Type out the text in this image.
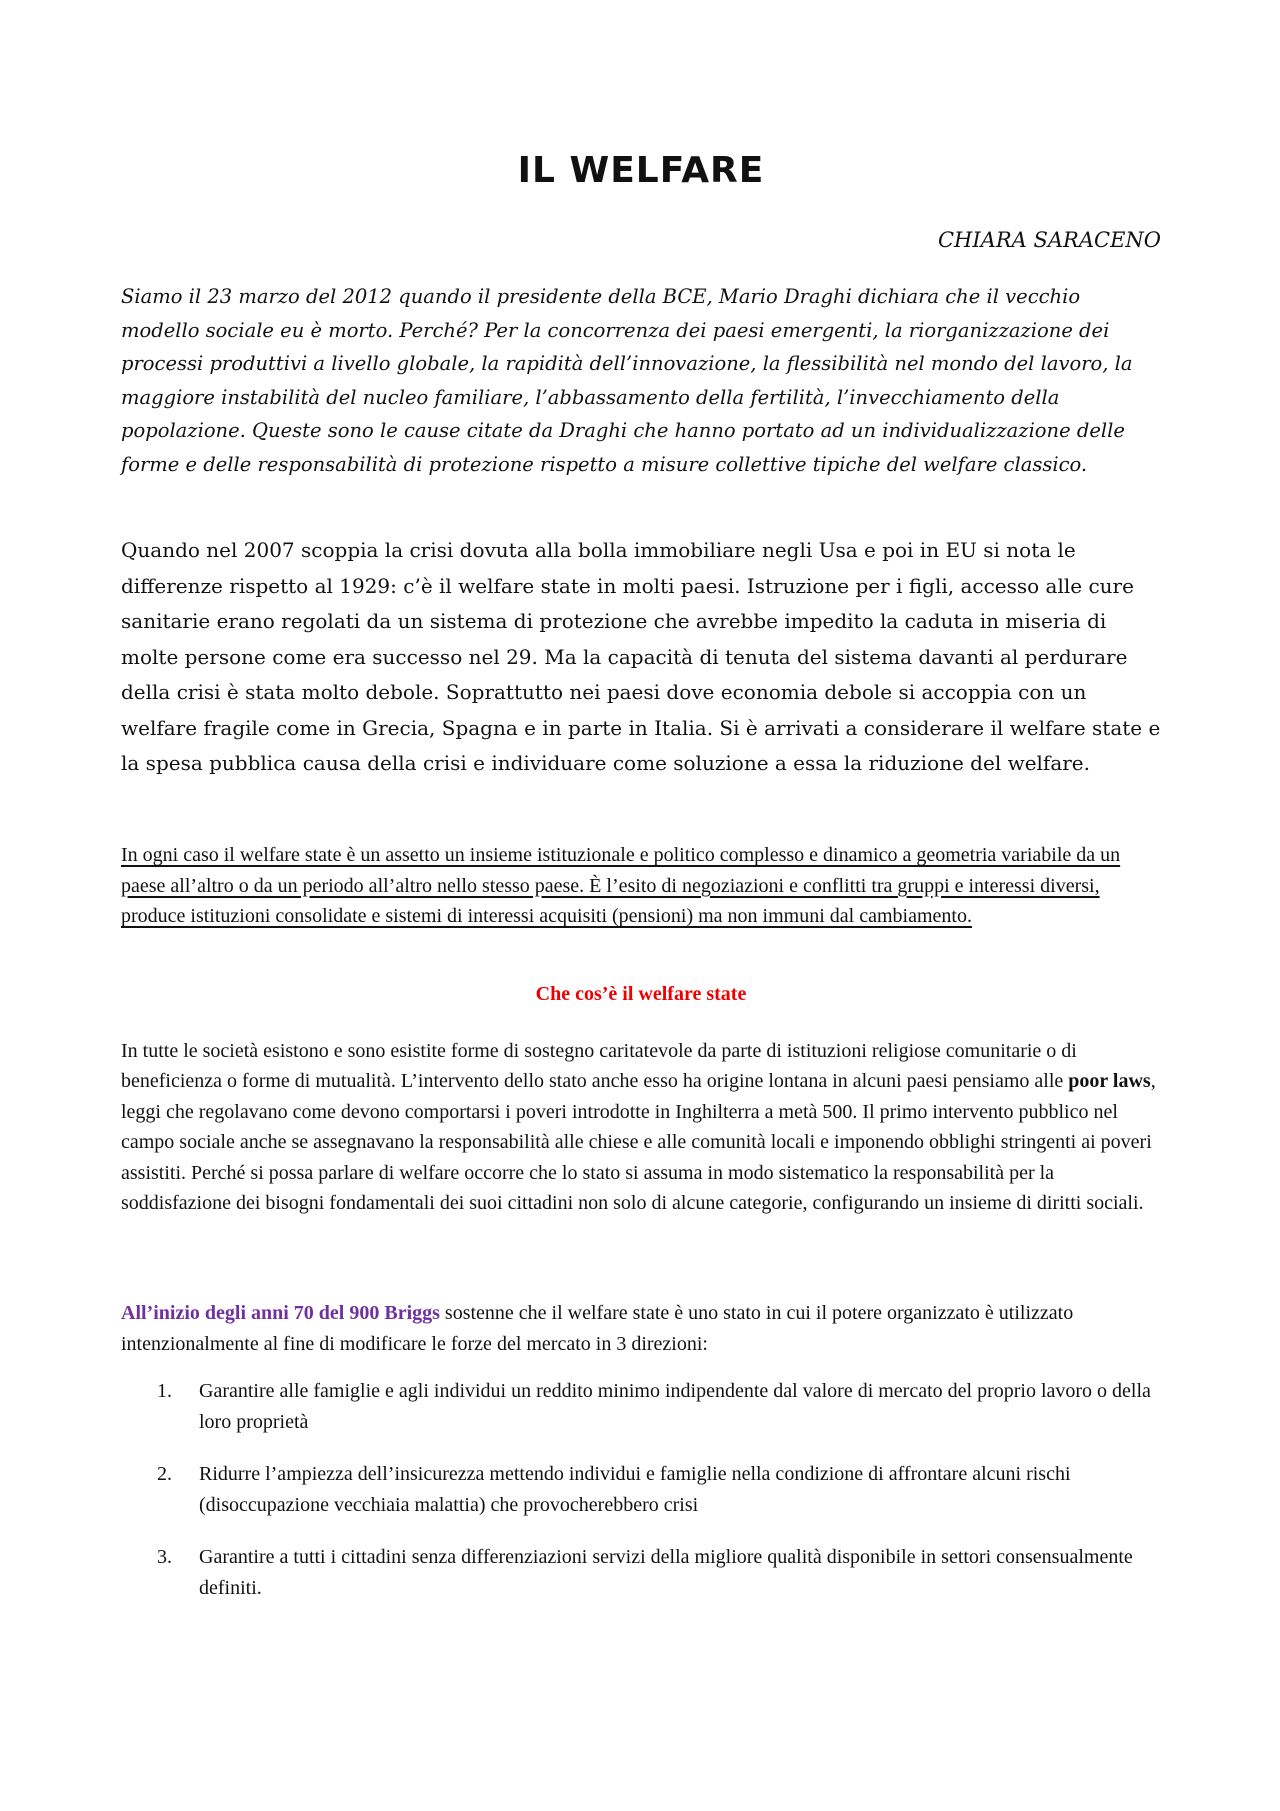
IL WELFARE

CHIARA SARACENO

Siamo il 23 marzo del 2012 quando il presidente della BCE, Mario Draghi dichiara che il vecchio modello sociale eu è morto. Perché? Per la concorrenza dei paesi emergenti, la riorganizzazione dei processi produttivi a livello globale, la rapidità dell’innovazione, la flessibilità nel mondo del lavoro, la maggiore instabilità del nucleo familiare, l’abbassamento della fertilità, l’invecchiamento della popolazione. Queste sono le cause citate da Draghi che hanno portato ad un individualizzazione delle forme e delle responsabilità di protezione rispetto a misure collettive tipiche del welfare classico.

Quando nel 2007 scoppia la crisi dovuta alla bolla immobiliare negli Usa e poi in EU si nota le differenze rispetto al 1929: c’è il welfare state in molti paesi. Istruzione per i figli, accesso alle cure sanitarie erano regolati da un sistema di protezione che avrebbe impedito la caduta in miseria di molte persone come era successo nel 29. Ma la capacità di tenuta del sistema davanti al perdurare della crisi è stata molto debole. Soprattutto nei paesi dove economia debole si accoppia con un welfare fragile come in Grecia, Spagna e in parte in Italia. Si è arrivati a considerare il welfare state e la spesa pubblica causa della crisi e individuare come soluzione a essa la riduzione del welfare.

In ogni caso il welfare state è un assetto un insieme istituzionale e politico complesso e dinamico a geometria variabile da un paese all’altro o da un periodo all’altro nello stesso paese. È l’esito di negoziazioni e conflitti tra gruppi e interessi diversi, produce istituzioni consolidate e sistemi di interessi acquisiti (pensioni) ma non immuni dal cambiamento.

Che cos’è il welfare state

In tutte le società esistono e sono esistite forme di sostegno caritatevole da parte di istituzioni religiose comunitarie o di beneficienza o forme di mutualità. L’intervento dello stato anche esso ha origine lontana in alcuni paesi pensiamo alle poor laws, leggi che regolavano come devono comportarsi i poveri introdotte in Inghilterra a metà 500. Il primo intervento pubblico nel campo sociale anche se assegnavano la responsabilità alle chiese e alle comunità locali e imponendo obblighi stringenti ai poveri assistiti. Perché si possa parlare di welfare occorre che lo stato si assuma in modo sistematico la responsabilità per la soddisfazione dei bisogni fondamentali dei suoi cittadini non solo di alcune categorie, configurando un insieme di diritti sociali.

All’inizio degli anni 70 del 900 Briggs sostenne che il welfare state è uno stato in cui il potere organizzato è utilizzato intenzionalmente al fine di modificare le forze del mercato in 3 direzioni:

1.	Garantire alle famiglie e agli individui un reddito minimo indipendente dal valore di mercato del proprio lavoro o della loro proprietà
2.	Ridurre l’ampiezza dell’insicurezza mettendo individui e famiglie nella condizione di affrontare alcuni rischi (disoccupazione vecchiaia malattia) che provocherebbero crisi
3.	Garantire a tutti i cittadini senza differenziazioni servizi della migliore qualità disponibile in settori consensualmente definiti.
